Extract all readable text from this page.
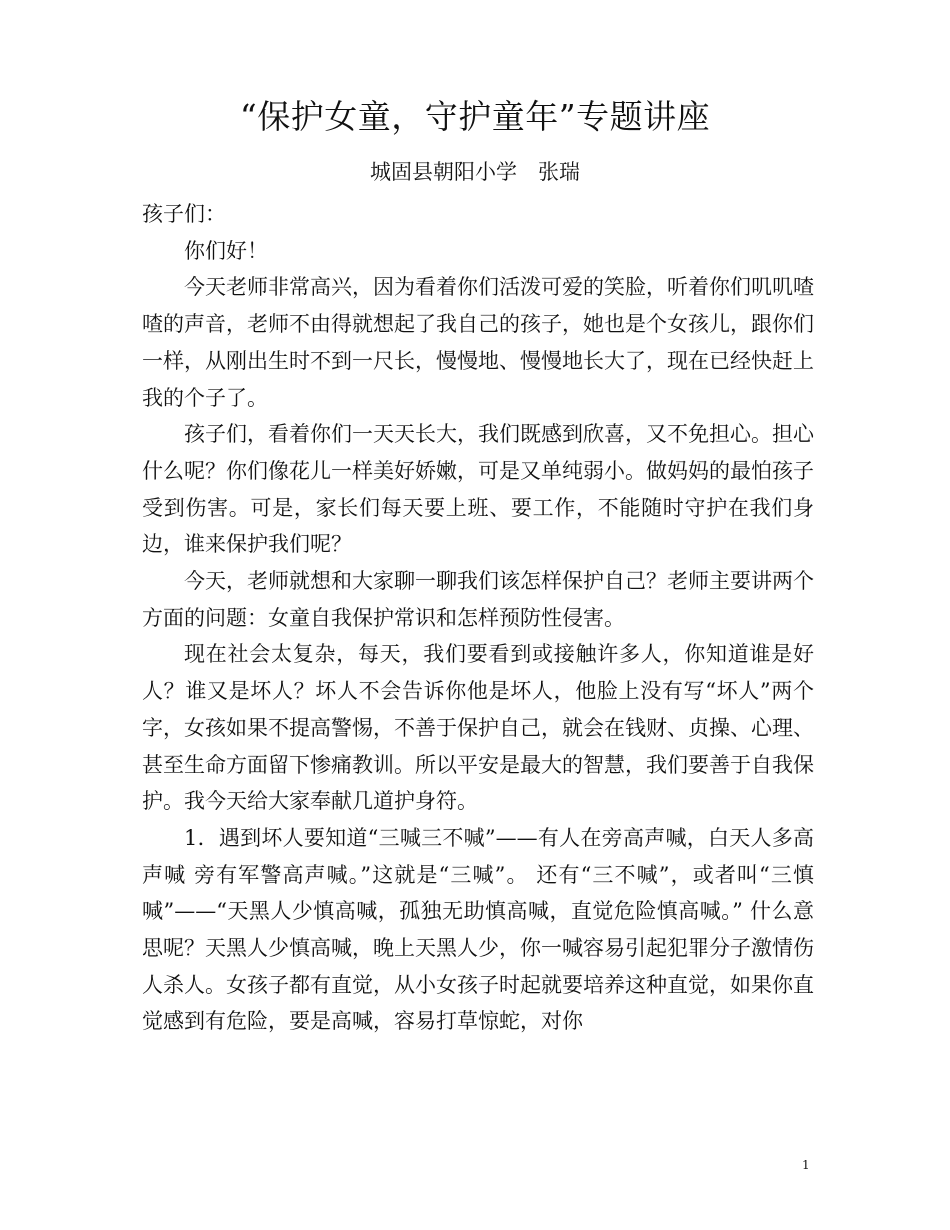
“保护女童，守护童年”专题讲座
城固县朝阳小学　张瑞

孩子们：

你们好！

今天老师非常高兴，因为看着你们活泼可爱的笑脸，听着你们叽叽喳喳的声音，老师不由得就想起了我自己的孩子，她也是个女孩儿，跟你们一样，从刚出生时不到一尺长，慢慢地、慢慢地长大了，现在已经快赶上我的个子了。

孩子们，看着你们一天天长大，我们既感到欣喜，又不免担心。担心什么呢？你们像花儿一样美好娇嫩，可是又单纯弱小。做妈妈的最怕孩子受到伤害。可是，家长们每天要上班、要工作，不能随时守护在我们身边，谁来保护我们呢？

今天，老师就想和大家聊一聊我们该怎样保护自己？老师主要讲两个方面的问题：女童自我保护常识和怎样预防性侵害。

现在社会太复杂，每天，我们要看到或接触许多人，你知道谁是好人？谁又是坏人？坏人不会告诉你他是坏人，他脸上没有写“坏人”两个字，女孩如果不提高警惕，不善于保护自己，就会在钱财、贞操、心理、甚至生命方面留下惨痛教训。所以平安是最大的智慧，我们要善于自我保护。我今天给大家奉献几道护身符。

1．遇到坏人要知道“三喊三不喊”——有人在旁高声喊，白天人多高声喊 旁有军警高声喊。”这就是“三喊”。 还有“三不喊”，或者叫“三慎喊”——“天黑人少慎高喊，孤独无助慎高喊，直觉危险慎高喊。” 什么意思呢？天黑人少慎高喊，晚上天黑人少，你一喊容易引起犯罪分子激情伤人杀人。女孩子都有直觉，从小女孩子时起就要培养这种直觉，如果你直觉感到有危险，要是高喊，容易打草惊蛇，对你

1
